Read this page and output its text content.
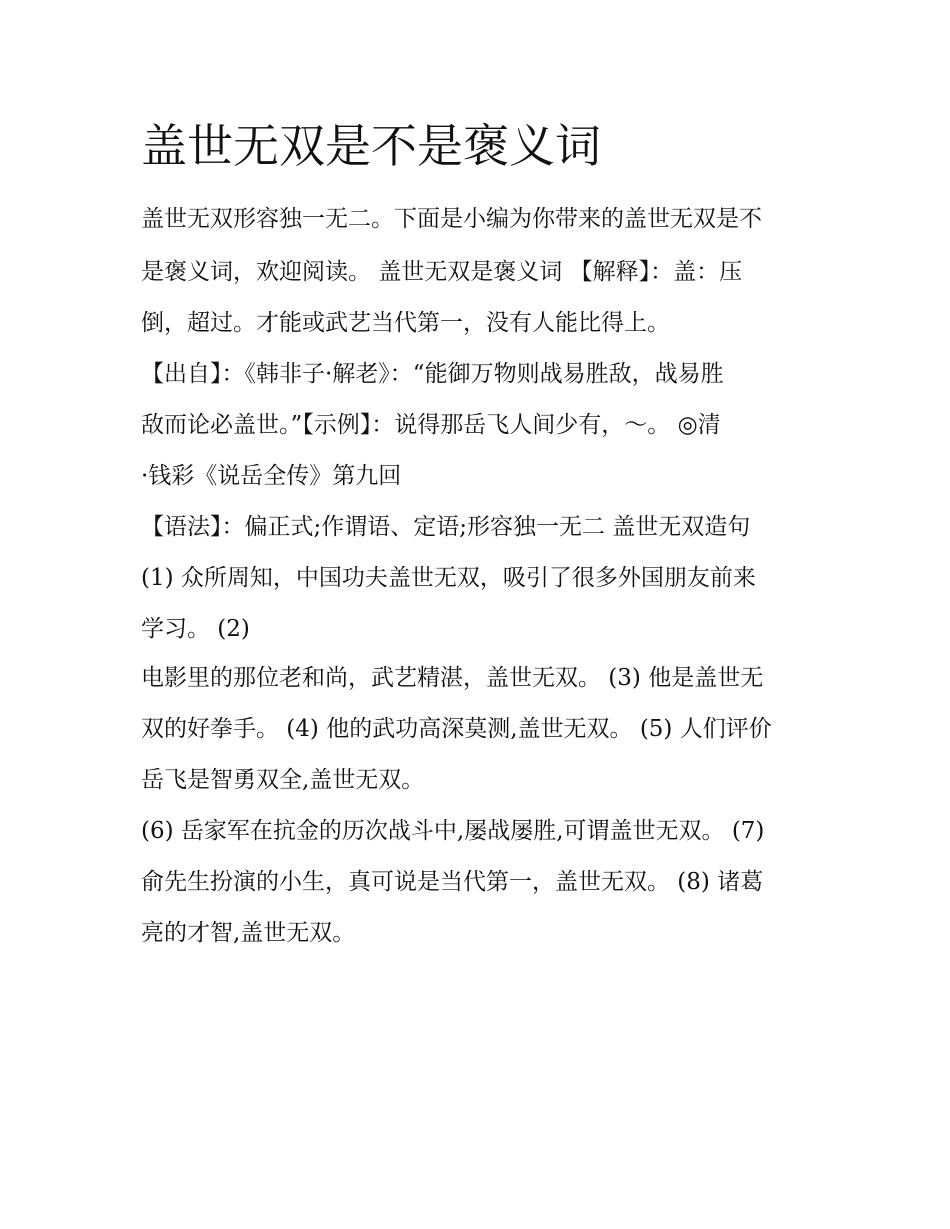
盖世无双是不是褒义词

盖世无双形容独一无二。下面是小编为你带来的盖世无双是不

是褒义词，欢迎阅读。 盖世无双是褒义词 【解释】：盖：压

倒，超过。才能或武艺当代第一，没有人能比得上。

【出自】：《韩非子·解老》：“能御万物则战易胜敌，战易胜

敌而论必盖世。”【示例】：说得那岳飞人间少有，～。 ◎清

·钱彩《说岳全传》第九回

【语法】：偏正式;作谓语、定语;形容独一无二 盖世无双造句

(1) 众所周知，中国功夫盖世无双，吸引了很多外国朋友前来

学习。 (2)

电影里的那位老和尚，武艺精湛，盖世无双。 (3) 他是盖世无

双的好拳手。 (4) 他的武功高深莫测,盖世无双。 (5) 人们评价

岳飞是智勇双全,盖世无双。

(6) 岳家军在抗金的历次战斗中,屡战屡胜,可谓盖世无双。 (7)

俞先生扮演的小生，真可说是当代第一，盖世无双。 (8) 诸葛

亮的才智,盖世无双。
